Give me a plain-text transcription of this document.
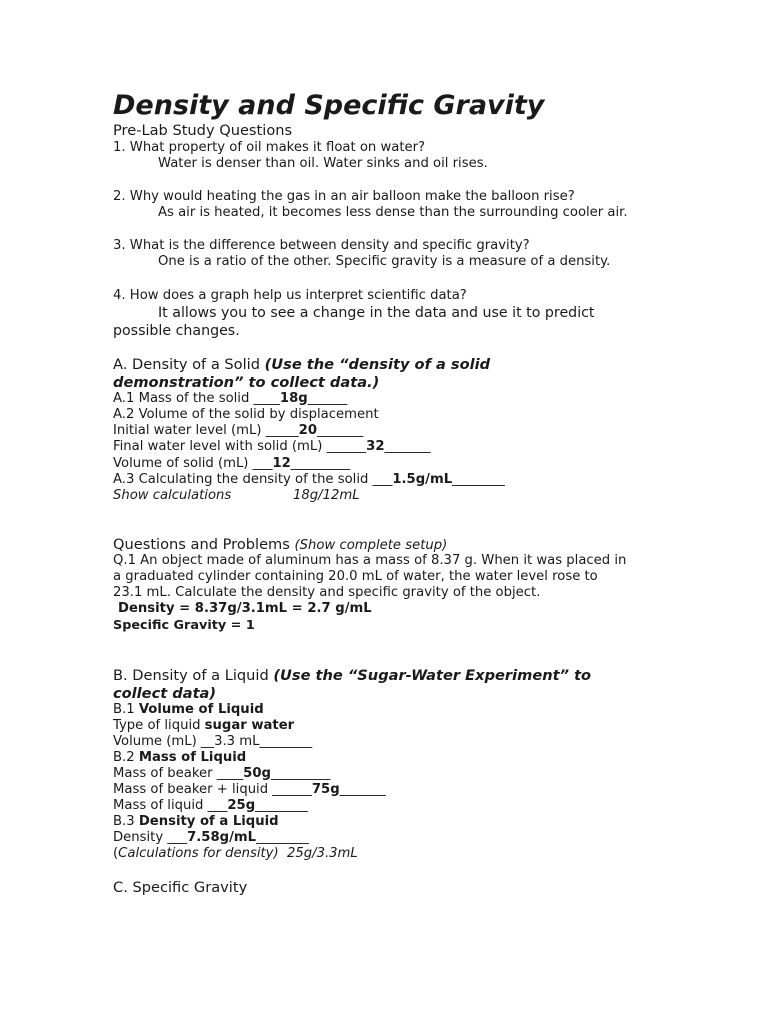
Density and Specific Gravity
Pre-Lab Study Questions
1. What property of oil makes it float on water?
Water is denser than oil. Water sinks and oil rises.
2. Why would heating the gas in an air balloon make the balloon rise?
As air is heated, it becomes less dense than the surrounding cooler air.
3. What is the difference between density and specific gravity?
One is a ratio of the other. Specific gravity is a measure of a density.
4. How does a graph help us interpret scientific data?
It allows you to see a change in the data and use it to predict
possible changes.
A. Density of a Solid (Use the “density of a solid
demonstration” to collect data.)
A.1 Mass of the solid ____18g______
A.2 Volume of the solid by displacement
Initial water level (mL) _____20_______
Final water level with solid (mL) ______32_______
Volume of solid (mL) ___12_________
A.3 Calculating the density of the solid ___1.5g/mL________
Show calculations	18g/12mL
Questions and Problems (Show complete setup)
Q.1 An object made of aluminum has a mass of 8.37 g. When it was placed in
a graduated cylinder containing 20.0 mL of water, the water level rose to
23.1 mL. Calculate the density and specific gravity of the object.
Density = 8.37g/3.1mL = 2.7 g/mL
Specific Gravity = 1
B. Density of a Liquid (Use the “Sugar-Water Experiment” to
collect data)
B.1 Volume of Liquid
Type of liquid sugar water
Volume (mL) __3.3 mL________
B.2 Mass of Liquid
Mass of beaker ____50g_________
Mass of beaker + liquid ______75g_______
Mass of liquid ___25g________
B.3 Density of a Liquid
Density ___7.58g/mL________
(Calculations for density)  25g/3.3mL
C. Specific Gravity
